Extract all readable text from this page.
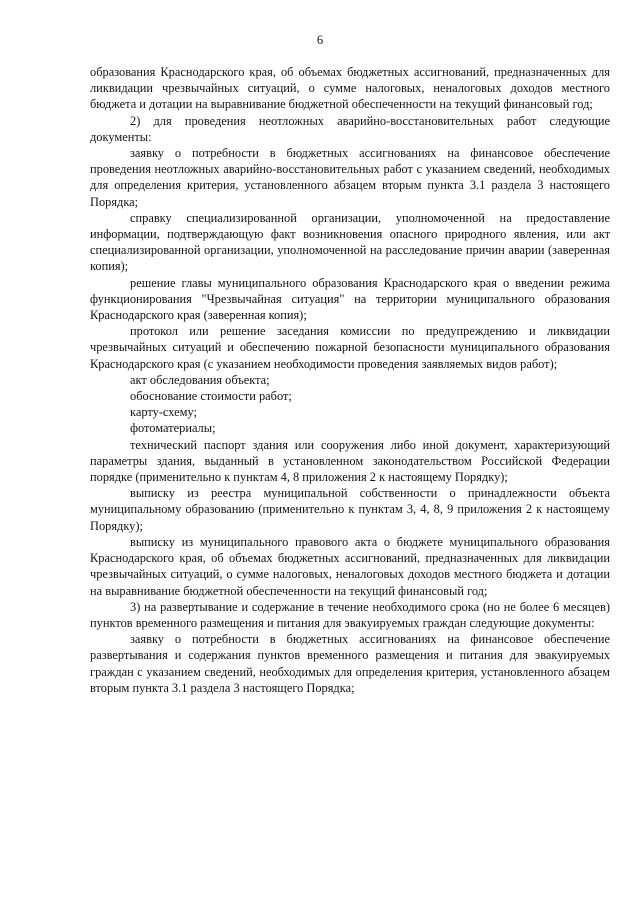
6

образования Краснодарского края, об объемах бюджетных ассигнований, предназначенных для ликвидации чрезвычайных ситуаций, о сумме налоговых, неналоговых доходов местного бюджета и дотации на выравнивание бюджетной обеспеченности на текущий финансовый год;

2) для проведения неотложных аварийно-восстановительных работ следующие документы:

заявку о потребности в бюджетных ассигнованиях на финансовое обеспечение проведения неотложных аварийно-восстановительных работ с указанием сведений, необходимых для определения критерия, установленного абзацем вторым пункта 3.1 раздела 3 настоящего Порядка;

справку специализированной организации, уполномоченной на предоставление информации, подтверждающую факт возникновения опасного природного явления, или акт специализированной организации, уполномоченной на расследование причин аварии (заверенная копия);

решение главы муниципального образования Краснодарского края о введении режима функционирования "Чрезвычайная ситуация" на территории муниципального образования Краснодарского края (заверенная копия);

протокол или решение заседания комиссии по предупреждению и ликвидации чрезвычайных ситуаций и обеспечению пожарной безопасности муниципального образования Краснодарского края (с указанием необходимости проведения заявляемых видов работ);

акт обследования объекта;

обоснование стоимости работ;

карту-схему;

фотоматериалы;

технический паспорт здания или сооружения либо иной документ, характеризующий параметры здания, выданный в установленном законодательством Российской Федерации порядке (применительно к пунктам 4, 8 приложения 2 к настоящему Порядку);

выписку из реестра муниципальной собственности о принадлежности объекта муниципальному образованию (применительно к пунктам 3, 4, 8, 9 приложения 2 к настоящему Порядку);

выписку из муниципального правового акта о бюджете муниципального образования Краснодарского края, об объемах бюджетных ассигнований, предназначенных для ликвидации чрезвычайных ситуаций, о сумме налоговых, неналоговых доходов местного бюджета и дотации на выравнивание бюджетной обеспеченности на текущий финансовый год;

3) на развертывание и содержание в течение необходимого срока (но не более 6 месяцев) пунктов временного размещения и питания для эвакуируемых граждан следующие документы:

заявку о потребности в бюджетных ассигнованиях на финансовое обеспечение развертывания и содержания пунктов временного размещения и питания для эвакуируемых граждан с указанием сведений, необходимых для определения критерия, установленного абзацем вторым пункта 3.1 раздела 3 настоящего Порядка;
